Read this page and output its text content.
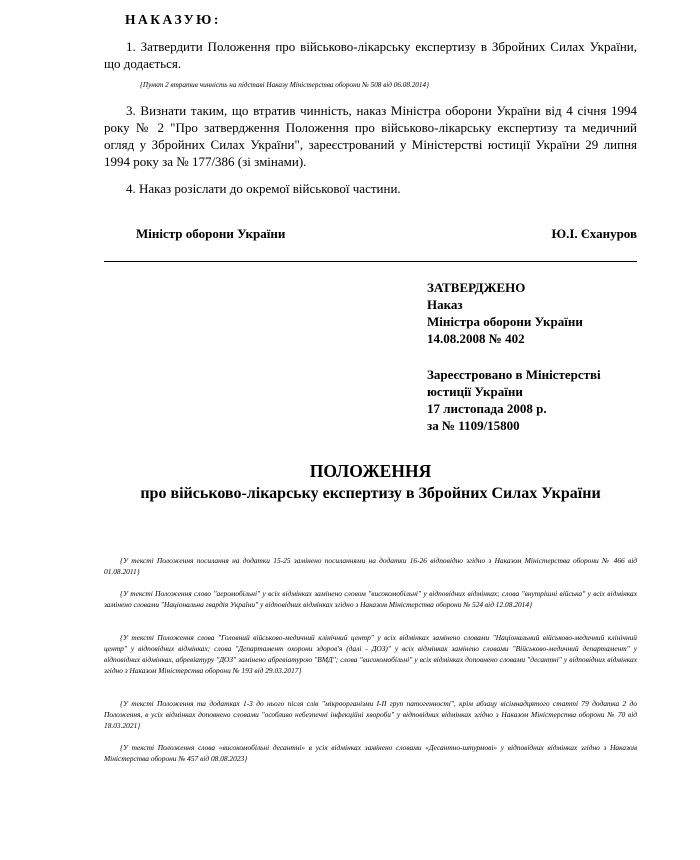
НАКАЗУЮ:
1. Затвердити Положення про військово-лікарську експертизу в Збройних Силах України, що додається.
{Пункт 2 втратив чинність на підставі Наказу Міністерства оборони № 508 від 06.08.2014}
3. Визнати таким, що втратив чинність, наказ Міністра оборони України від 4 січня 1994 року № 2 "Про затвердження Положення про військово-лікарську експертизу та медичний огляд у Збройних Силах України", зареєстрований у Міністерстві юстиції України 29 липня 1994 року за № 177/386 (зі змінами).
4. Наказ розіслати до окремої військової частини.
Міністр оборони України	Ю.І. Єхануров
ЗАТВЕРДЖЕНО
Наказ
Міністра оборони України
14.08.2008 № 402
Зареєстровано в Міністерстві
юстиції України
17 листопада 2008 р.
за № 1109/15800
ПОЛОЖЕННЯ
про військово-лікарську експертизу в Збройних Силах України
{У тексті Положення посилання на додатки 15-25 замінено посиланнями на додатки 16-26 відповідно згідно з Наказом Міністерства оборони № 466 від 01.08.2011}
{У тексті Положення слово "аеромобільні" у всіх відмінках замінено словом "високомобільні" у відповідних відмінках; слова "внутрішні війська" у всіх відмінках замінено словами "Національна гвардія України" у відповідних відмінках згідно з Наказом Міністерства оборони № 524 від 12.08.2014}
{У тексті Положення слова "Головний військово-медичний клінічний центр" у всіх відмінках замінено словами "Національний військово-медичний клінічний центр" у відповідних відмінках; слова "Департамент охорони здоров'я (далі - ДОЗ)" у всіх відмінках замінено словами "Військово-медичний департамент" у відповідних відмінках, абревіатуру "ДОЗ" замінено абревіатурою "ВМД"; слова "високомобільні" у всіх відмінках доповнено словами "десантні" у відповідних відмінках згідно з Наказом Міністерства оборони № 193 від 29.03.2017}
{У тексті Положення та додатках 1-3 до нього після слів "мікроорганізми I-II груп патогенності", крім абзацу вісімнадцятого статті 79 додатка 2 до Положення, в усіх відмінках доповнено словами "особливо небезпечні інфекційні хвороби" у відповідних відмінках згідно з Наказом Міністерства оборони № 70 від 18.03.2021}
{У тексті Положення слова «високомобільні десантні» в усіх відмінках замінено словами «Десантно-штурмові» у відповідних відмінках згідно з Наказом Міністерства оборони № 457 від 08.08.2023}
